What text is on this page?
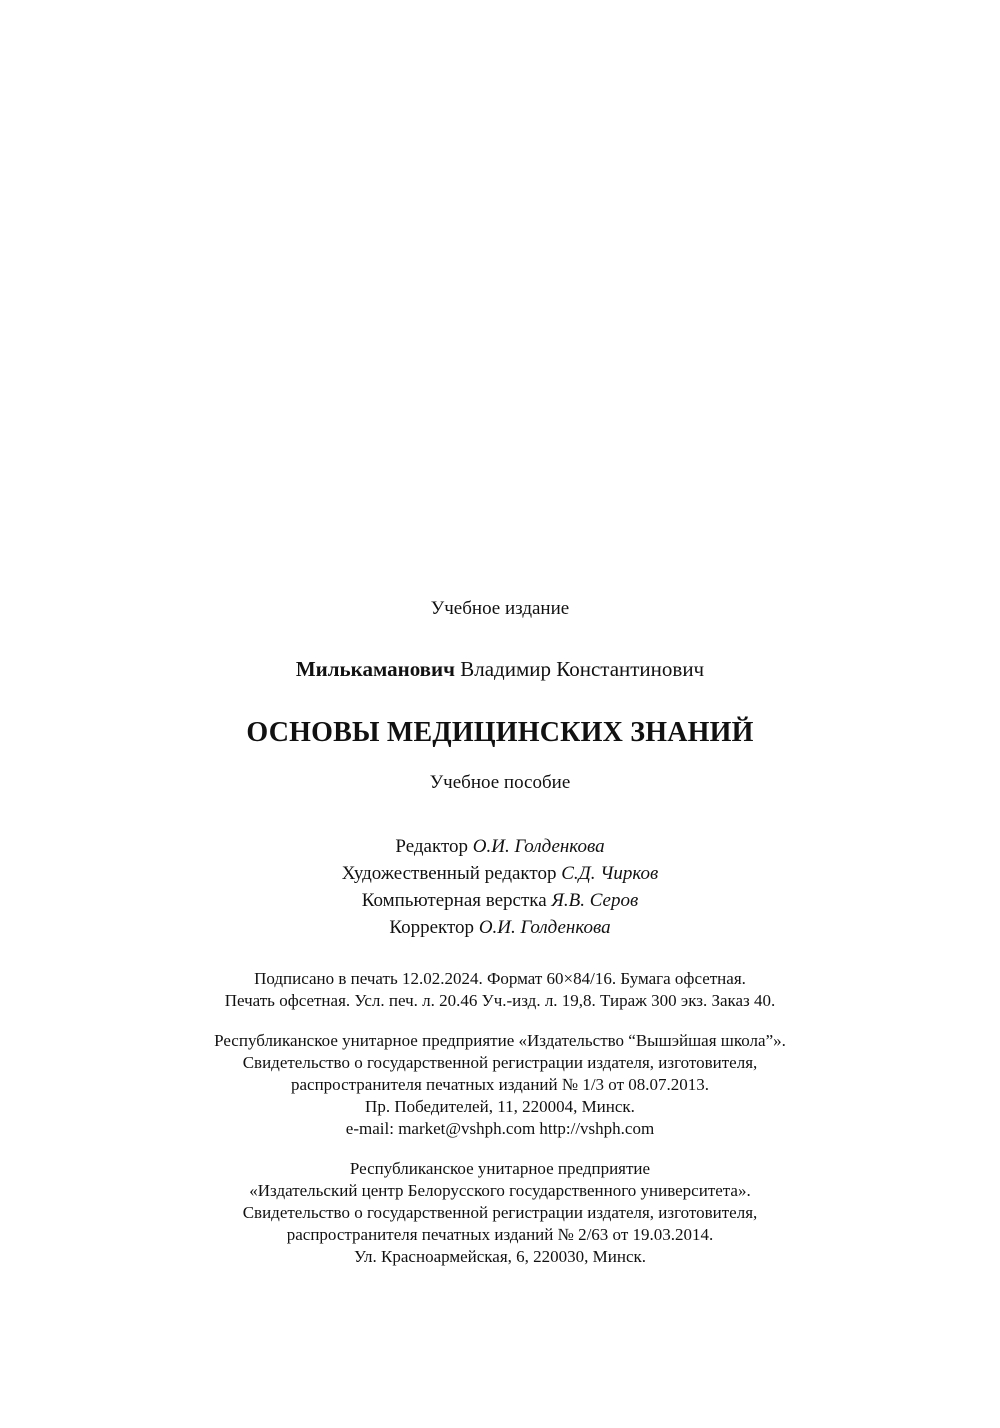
Учебное издание

Милькаманович Владимир Константинович

ОСНОВЫ МЕДИЦИНСКИХ ЗНАНИЙ

Учебное пособие

Редактор О.И. Голденкова
Художественный редактор С.Д. Чирков
Компьютерная верстка Я.В. Серов
Корректор О.И. Голденкова
Подписано в печать 12.02.2024. Формат 60×84/16. Бумага офсетная.
Печать офсетная. Усл. печ. л. 20.46 Уч.-изд. л. 19,8. Тираж 300 экз. Заказ 40.
Республиканское унитарное предприятие «Издательство “Вышэйшая школа”».
Свидетельство о государственной регистрации издателя, изготовителя,
распространителя печатных изданий № 1/3 от 08.07.2013.
Пр. Победителей, 11, 220004, Минск.
e-mail: market@vshph.com http://vshph.com
Республиканское унитарное предприятие
«Издательский центр Белорусского государственного университета».
Свидетельство о государственной регистрации издателя, изготовителя,
распространителя печатных изданий № 2/63 от 19.03.2014.
Ул. Красноармейская, 6, 220030, Минск.
